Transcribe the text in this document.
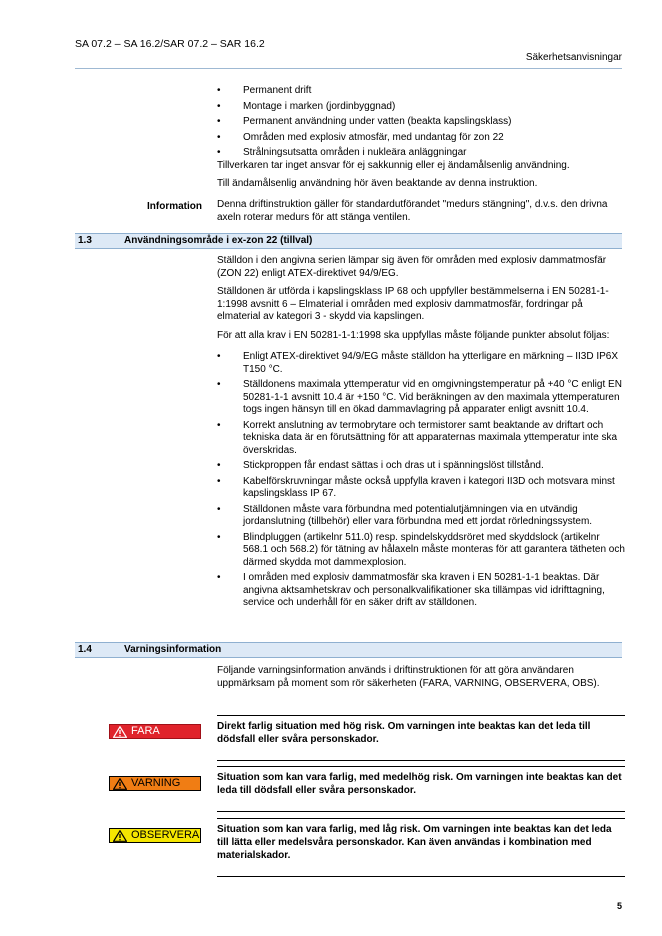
SA 07.2 – SA 16.2/SAR 07.2 – SAR 16.2
Säkerhetsanvisningar
• Permanent drift
• Montage i marken (jordinbyggnad)
• Permanent användning under vatten (beakta kapslingsklass)
• Områden med explosiv atmosfär, med undantag för zon 22
• Strålningsutsatta områden i nukleära anläggningar

Tillverkaren tar inget ansvar för ej sakkunnig eller ej ändamålsenlig användning.

Till ändamålsenlig användning hör även beaktande av denna instruktion.

Information Denna driftinstruktion gäller för standardutförandet "medurs stängning", d.v.s. den drivna axeln roterar medurs för att stänga ventilen.
1.3	Användningsområde i ex-zon 22 (tillval)

Ställdon i den angivna serien lämpar sig även för områden med explosiv dammatmosfär (ZON 22) enligt ATEX-direktivet 94/9/EG.

Ställdonen är utförda i kapslingsklass IP 68 och uppfyller bestämmelserna i EN 50281-1-1:1998 avsnitt 6 – Elmaterial i områden med explosiv dammatmosfär, fordringar på elmaterial av kategori 3 - skydd via kapslingen.

För att alla krav i EN 50281-1-1:1998 ska uppfyllas måste följande punkter absolut följas:

• Enligt ATEX-direktivet 94/9/EG måste ställdon ha ytterligare en märkning – II3D IP6X T150 °C.
• Ställdonens maximala yttemperatur vid en omgivningstemperatur på +40 °C enligt EN 50281-1-1 avsnitt 10.4 är +150 °C. Vid beräkningen av den maximala yttemperaturen togs ingen hänsyn till en ökad dammavlagring på apparater enligt avsnitt 10.4.
• Korrekt anslutning av termobrytare och termistorer samt beaktande av driftart och tekniska data är en förutsättning för att apparaternas maximala yttemperatur inte ska överskridas.
• Stickproppen får endast sättas i och dras ut i spänningslöst tillstånd.
• Kabelförskruvningar måste också uppfylla kraven i kategori II3D och motsvara minst kapslingsklass IP 67.
• Ställdonen måste vara förbundna med potentialutjämningen via en utvändig jordanslutning (tillbehör) eller vara förbundna med ett jordat rörledningssystem.
• Blindpluggen (artikelnr 511.0) resp. spindelskyddsröret med skyddslock (artikelnr 568.1 och 568.2) för tätning av hålaxeln måste monteras för att garantera tätheten och därmed skydda mot dammexplosion.
• I områden med explosiv dammatmosfär ska kraven i EN 50281-1-1 beaktas. Där angivna aktsamhetskrav och personalkvalifikationer ska tillämpas vid idrifttagning, service och underhåll för en säker drift av ställdonen.
1.4	Varningsinformation
Följande varningsinformation används i driftinstruktionen för att göra användaren uppmärksam på moment som rör säkerheten (FARA, VARNING, OBSERVERA, OBS).
FARA	Direkt farlig situation med hög risk. Om varningen inte beaktas kan det leda till dödsfall eller svåra personskador.
VARNING	Situation som kan vara farlig, med medelhög risk. Om varningen inte beaktas kan det leda till dödsfall eller svåra personskador.
OBSERVERA Situation som kan vara farlig, med låg risk. Om varningen inte beaktas kan det leda till lätta eller medelsvåra personskador. Kan även användas i kombination med materialskador.
5
